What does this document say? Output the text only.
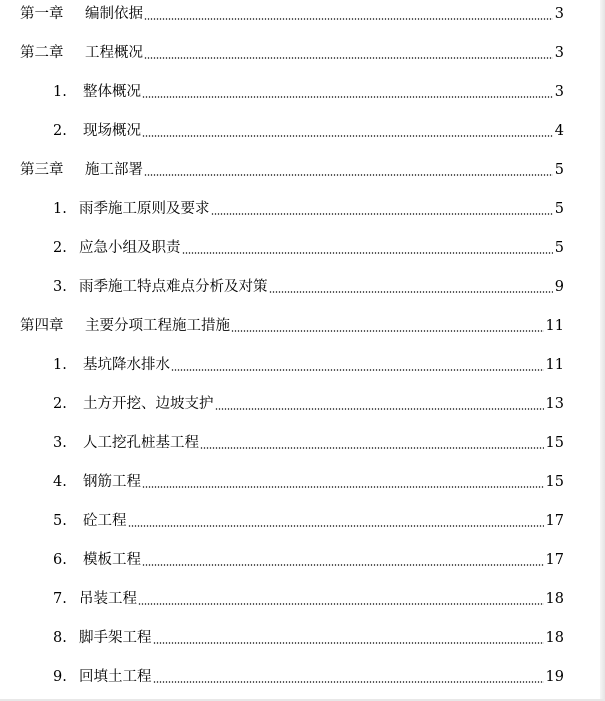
第一章	编制依据	3
第二章	工程概况	3
1.	整体概况	3
2.	现场概况	4
第三章	施工部署	5
1. 雨季施工原则及要求	5
2. 应急小组及职责	5
3. 雨季施工特点难点分析及对策	9
第四章	主要分项工程施工措施	11
1.	基坑降水排水	11
2.	土方开挖、边坡支护	13
3.	人工挖孔桩基工程	15
4.	钢筋工程	15
5.	砼工程	17
6.	模板工程	17
7. 吊装工程	18
8. 脚手架工程	18
9. 回填土工程	19
